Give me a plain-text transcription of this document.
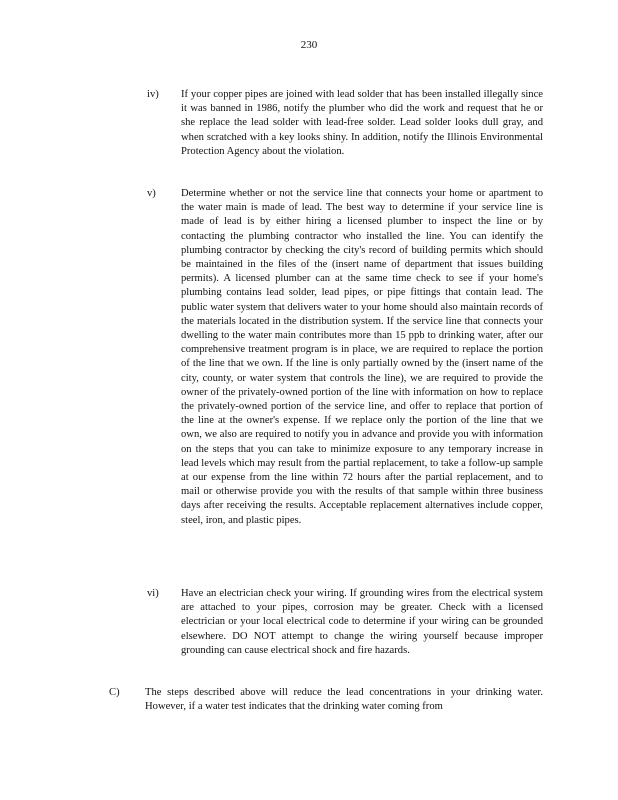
230
iv) If your copper pipes are joined with lead solder that has been installed illegally since it was banned in 1986, notify the plumber who did the work and request that he or she replace the lead solder with lead-free solder. Lead solder looks dull gray, and when scratched with a key looks shiny. In addition, notify the Illinois Environmental Protection Agency about the violation.

v) Determine whether or not the service line that connects your home or apartment to the water main is made of lead. The best way to determine if your service line is made of lead is by either hiring a licensed plumber to inspect the line or by contacting the plumbing contractor who installed the line. You can identify the plumbing contractor by checking the city's record of building permits which should be maintained in the files of the (insert name of department that issues building permits). A licensed plumber can at the same time check to see if your home's plumbing contains lead solder, lead pipes, or pipe fittings that contain lead. The public water system that delivers water to your home should also maintain records of the materials located in the distribution system. If the service line that connects your dwelling to the water main contributes more than 15 ppb to drinking water, after our comprehensive treatment program is in place, we are required to replace the portion of the line that we own. If the line is only partially owned by the (insert name of the city, county, or water system that controls the line), we are required to provide the owner of the privately-owned portion of the line with information on how to replace the privately-owned portion of the service line, and offer to replace that portion of the line at the owner's expense. If we replace only the portion of the line that we own, we also are required to notify you in advance and provide you with information on the steps that you can take to minimize exposure to any temporary increase in lead levels which may result from the partial replacement, to take a follow-up sample at our expense from the line within 72 hours after the partial replacement, and to mail or otherwise provide you with the results of that sample within three business days after receiving the results. Acceptable replacement alternatives include copper, steel, iron, and plastic pipes.

vi) Have an electrician check your wiring. If grounding wires from the electrical system are attached to your pipes, corrosion may be greater. Check with a licensed electrician or your local electrical code to determine if your wiring can be grounded elsewhere. DO NOT attempt to change the wiring yourself because improper grounding can cause electrical shock and fire hazards.

C) The steps described above will reduce the lead concentrations in your drinking water. However, if a water test indicates that the drinking water coming from
